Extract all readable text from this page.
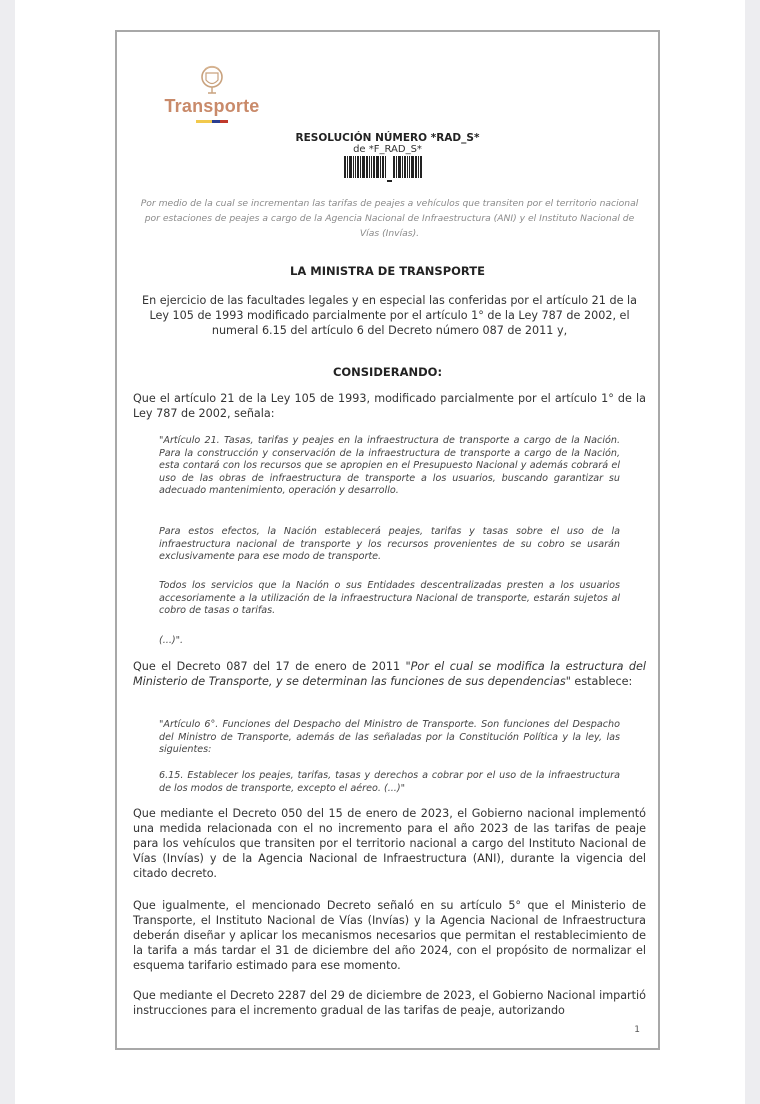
Transporte
RESOLUCIÓN NÚMERO *RAD_S*
de *F_RAD_S*
Por medio de la cual se incrementan las tarifas de peajes a vehículos que transiten por el territorio nacional por estaciones de peajes a cargo de la Agencia Nacional de Infraestructura (ANI) y el Instituto Nacional de Vías (Invías).
LA MINISTRA DE TRANSPORTE
En ejercicio de las facultades legales y en especial las conferidas por el artículo 21 de la Ley 105 de 1993 modificado parcialmente por el artículo 1° de la Ley 787 de 2002, el numeral 6.15 del artículo 6 del Decreto número 087 de 2011 y,
CONSIDERANDO:
Que el artículo 21 de la Ley 105 de 1993, modificado parcialmente por el artículo 1° de la Ley 787 de 2002, señala:
"Artículo 21. Tasas, tarifas y peajes en la infraestructura de transporte a cargo de la Nación. Para la construcción y conservación de la infraestructura de transporte a cargo de la Nación, esta contará con los recursos que se apropien en el Presupuesto Nacional y además cobrará el uso de las obras de infraestructura de transporte a los usuarios, buscando garantizar su adecuado mantenimiento, operación y desarrollo.
Para estos efectos, la Nación establecerá peajes, tarifas y tasas sobre el uso de la infraestructura nacional de transporte y los recursos provenientes de su cobro se usarán exclusivamente para ese modo de transporte.
Todos los servicios que la Nación o sus Entidades descentralizadas presten a los usuarios accesoriamente a la utilización de la infraestructura Nacional de transporte, estarán sujetos al cobro de tasas o tarifas.
(...)".
Que el Decreto 087 del 17 de enero de 2011 "Por el cual se modifica la estructura del Ministerio de Transporte, y se determinan las funciones de sus dependencias" establece:
"Artículo 6°. Funciones del Despacho del Ministro de Transporte. Son funciones del Despacho del Ministro de Transporte, además de las señaladas por la Constitución Política y la ley, las siguientes:
6.15. Establecer los peajes, tarifas, tasas y derechos a cobrar por el uso de la infraestructura de los modos de transporte, excepto el aéreo. (...)"
Que mediante el Decreto 050 del 15 de enero de 2023, el Gobierno nacional implementó una medida relacionada con el no incremento para el año 2023 de las tarifas de peaje para los vehículos que transiten por el territorio nacional a cargo del Instituto Nacional de Vías (Invías) y de la Agencia Nacional de Infraestructura (ANI), durante la vigencia del citado decreto.
Que igualmente, el mencionado Decreto señaló en su artículo 5° que el Ministerio de Transporte, el Instituto Nacional de Vías (Invías) y la Agencia Nacional de Infraestructura deberán diseñar y aplicar los mecanismos necesarios que permitan el restablecimiento de la tarifa a más tardar el 31 de diciembre del año 2024, con el propósito de normalizar el esquema tarifario estimado para ese momento.
Que mediante el Decreto 2287 del 29 de diciembre de 2023, el Gobierno Nacional impartió instrucciones para el incremento gradual de las tarifas de peaje, autorizando
1
